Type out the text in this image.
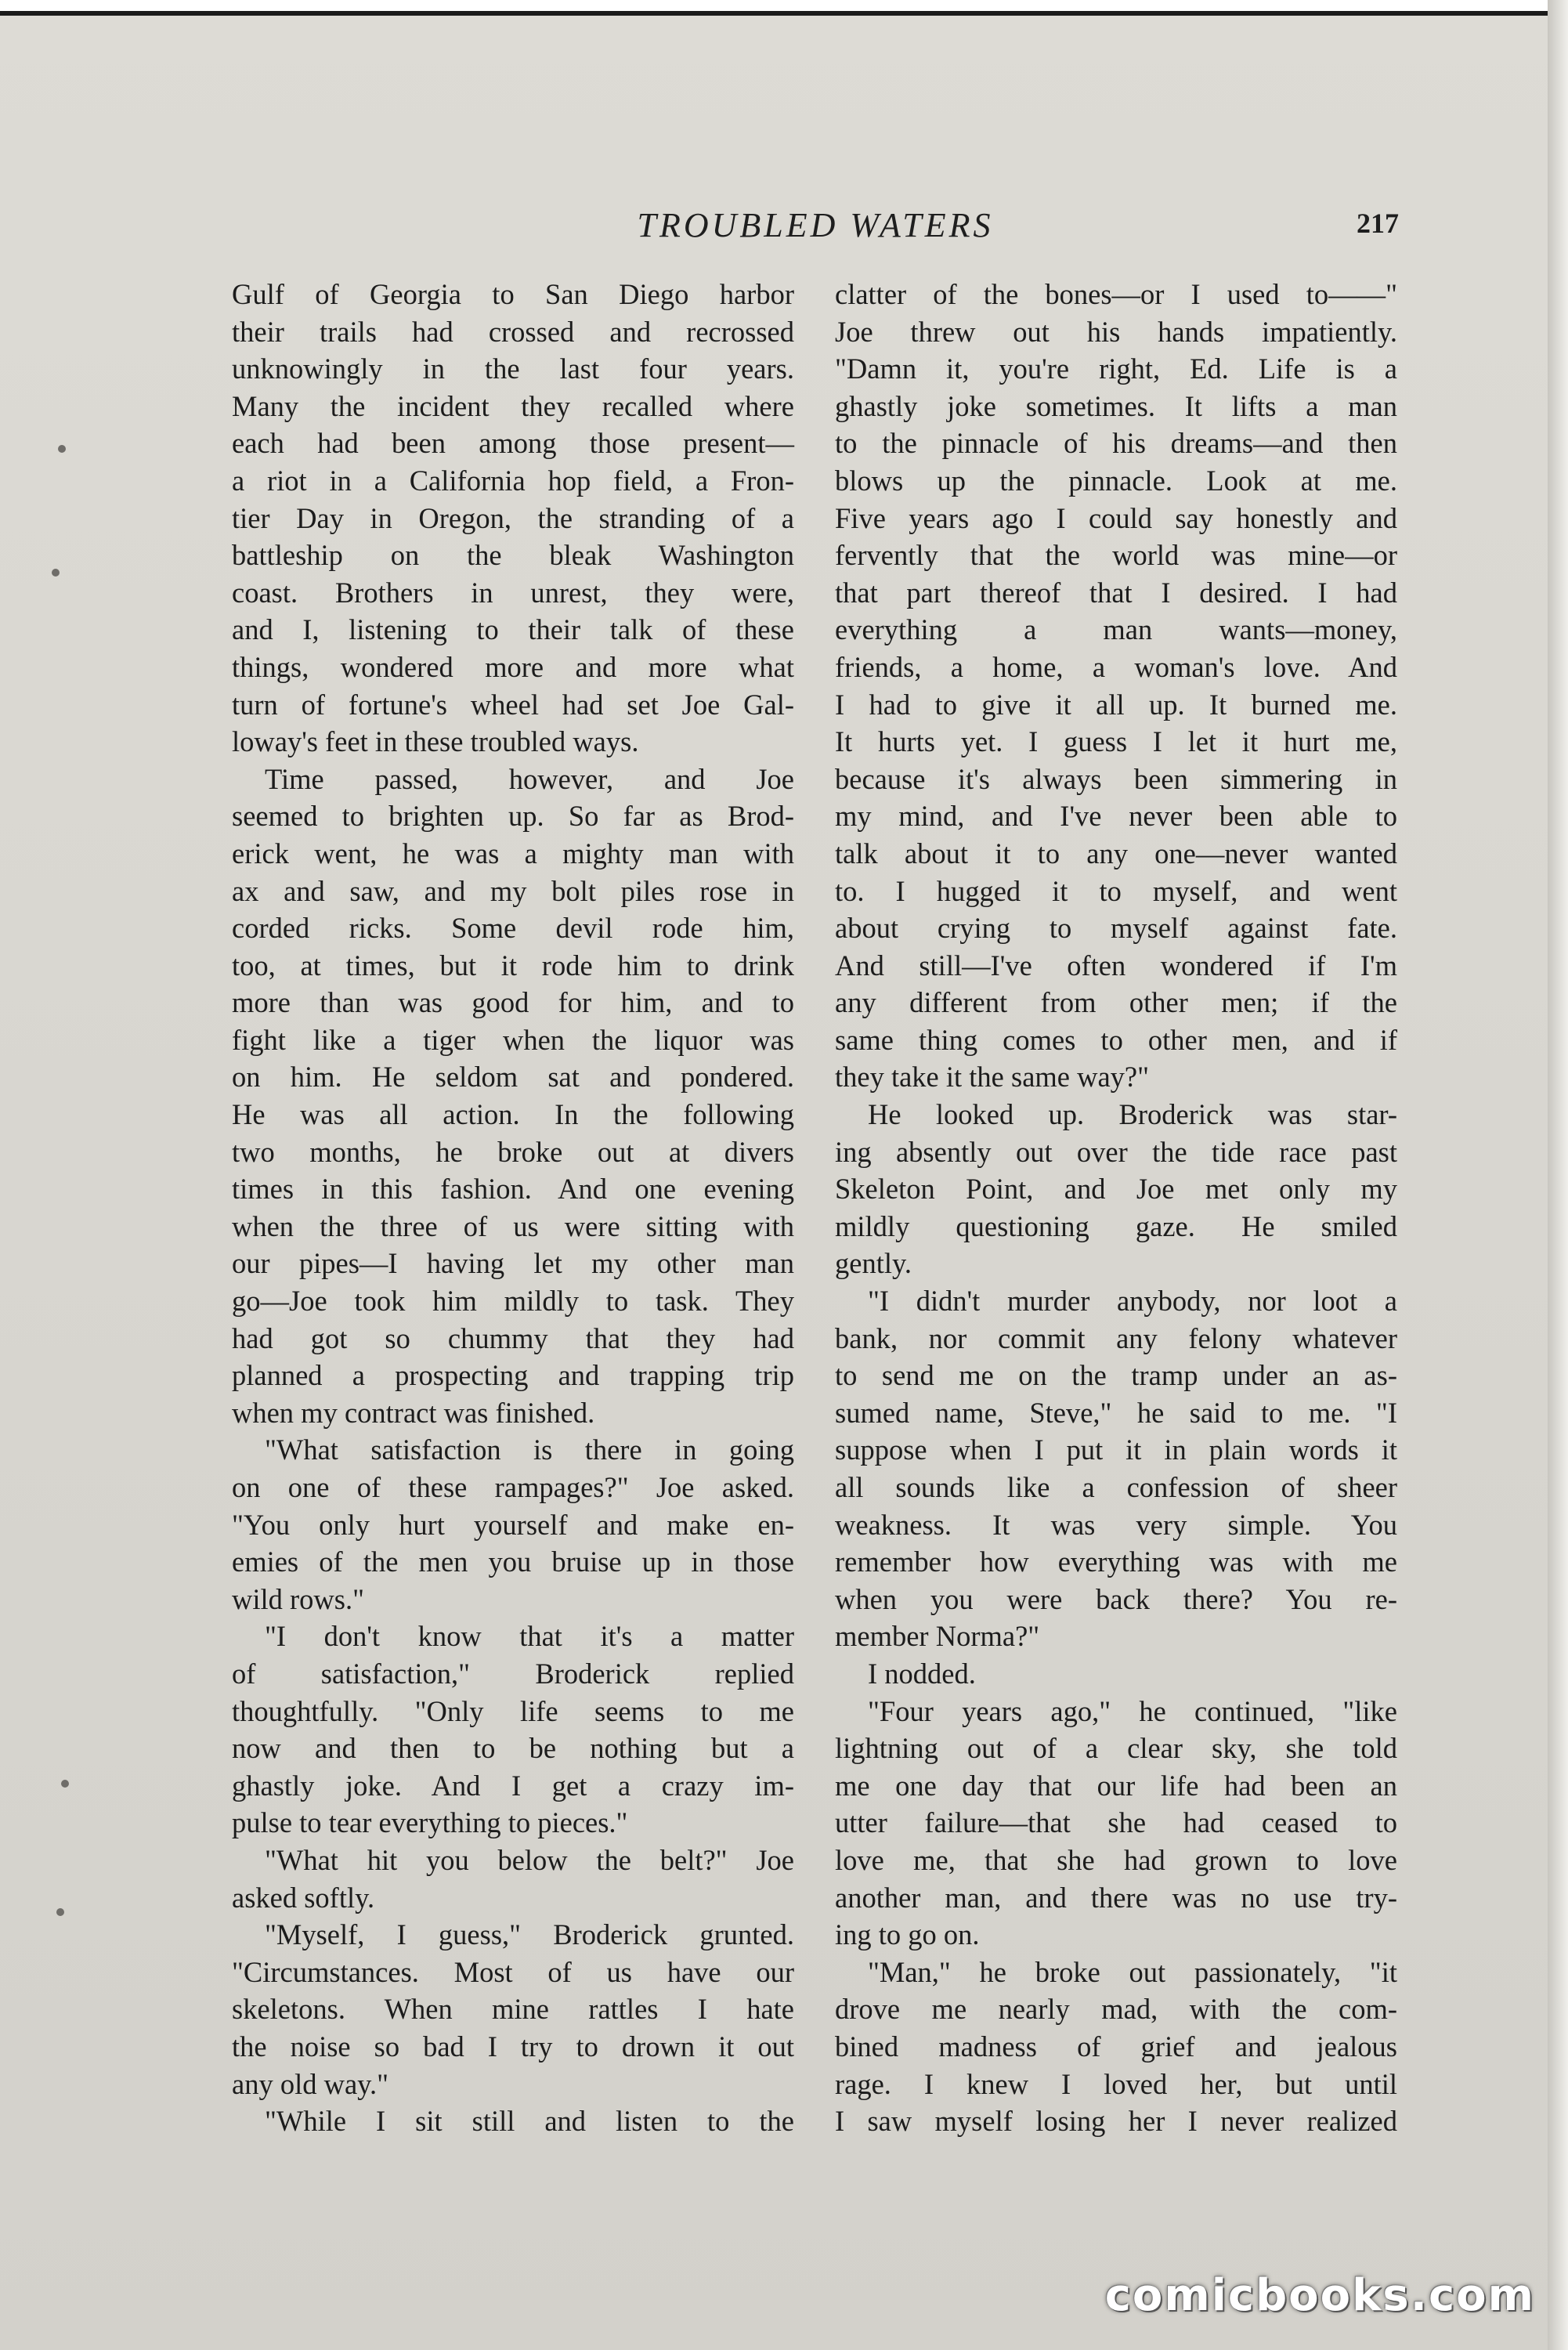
TROUBLED WATERS	217

Gulf of Georgia to San Diego harbor

their trails had crossed and recrossed

unknowingly in the last four years.

Many the incident they recalled where

each had been among those present—

a riot in a California hop field, a Fron-

tier Day in Oregon, the stranding of a

battleship on the bleak Washington

coast. Brothers in unrest, they were,

and I, listening to their talk of these

things, wondered more and more what

turn of fortune's wheel had set Joe Gal-

loway's feet in these troubled ways.

Time passed, however, and Joe

seemed to brighten up. So far as Brod-

erick went, he was a mighty man with

ax and saw, and my bolt piles rose in

corded ricks. Some devil rode him,

too, at times, but it rode him to drink

more than was good for him, and to

fight like a tiger when the liquor was

on him. He seldom sat and pondered.

He was all action. In the following

two months, he broke out at divers

times in this fashion. And one evening

when the three of us were sitting with

our pipes—I having let my other man

go—Joe took him mildly to task. They

had got so chummy that they had

planned a prospecting and trapping trip

when my contract was finished.

"What satisfaction is there in going

on one of these rampages?" Joe asked.

"You only hurt yourself and make en-

emies of the men you bruise up in those

wild rows."

"I don't know that it's a matter

of satisfaction," Broderick replied

thoughtfully. "Only life seems to me

now and then to be nothing but a

ghastly joke. And I get a crazy im-

pulse to tear everything to pieces."

"What hit you below the belt?" Joe

asked softly.

"Myself, I guess," Broderick grunted.

"Circumstances. Most of us have our

skeletons. When mine rattles I hate

the noise so bad I try to drown it out

any old way."

"While I sit still and listen to the

clatter of the bones—or I used to——"

Joe threw out his hands impatiently.

"Damn it, you're right, Ed. Life is a

ghastly joke sometimes. It lifts a man

to the pinnacle of his dreams—and then

blows up the pinnacle. Look at me.

Five years ago I could say honestly and

fervently that the world was mine—or

that part thereof that I desired. I had

everything a man wants—money,

friends, a home, a woman's love. And

I had to give it all up. It burned me.

It hurts yet. I guess I let it hurt me,

because it's always been simmering in

my mind, and I've never been able to

talk about it to any one—never wanted

to. I hugged it to myself, and went

about crying to myself against fate.

And still—I've often wondered if I'm

any different from other men; if the

same thing comes to other men, and if

they take it the same way?"

He looked up. Broderick was star-

ing absently out over the tide race past

Skeleton Point, and Joe met only my

mildly questioning gaze. He smiled

gently.

"I didn't murder anybody, nor loot a

bank, nor commit any felony whatever

to send me on the tramp under an as-

sumed name, Steve," he said to me. "I

suppose when I put it in plain words it

all sounds like a confession of sheer

weakness. It was very simple. You

remember how everything was with me

when you were back there? You re-

member Norma?"

I nodded.

"Four years ago," he continued, "like

lightning out of a clear sky, she told

me one day that our life had been an

utter failure—that she had ceased to

love me, that she had grown to love

another man, and there was no use try-

ing to go on.

"Man," he broke out passionately, "it

drove me nearly mad, with the com-

bined madness of grief and jealous

rage. I knew I loved her, but until

I saw myself losing her I never realized

comicbooks.com
